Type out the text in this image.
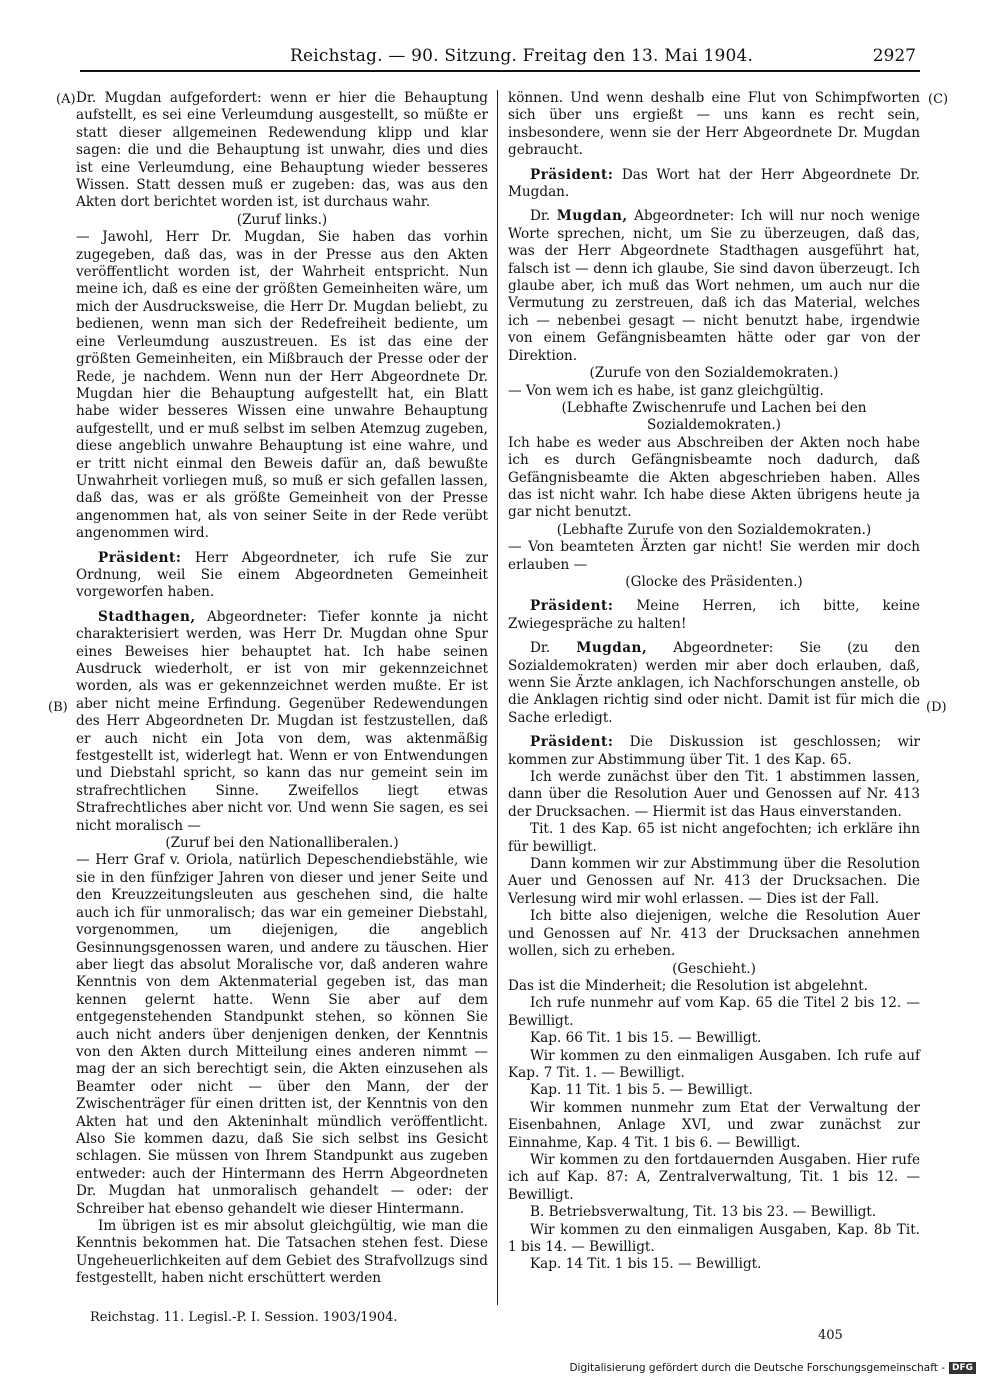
Reichstag. — 90. Sitzung. Freitag den 13. Mai 1904.	2927
(A)
(B)
(C)
(D)

Dr. Mugdan aufgefordert: wenn er hier die Behauptung aufstellt, es sei eine Verleumdung ausgestellt, so müßte er statt dieser allgemeinen Redewendung klipp und klar sagen: die und die Behauptung ist unwahr, dies und dies ist eine Verleumdung, eine Behauptung wieder besseres Wissen. Statt dessen muß er zugeben: das, was aus den Akten dort berichtet worden ist, ist durchaus wahr.

(Zuruf links.)

— Jawohl, Herr Dr. Mugdan, Sie haben das vorhin zugegeben, daß das, was in der Presse aus den Akten veröffentlicht worden ist, der Wahrheit entspricht. Nun meine ich, daß es eine der größten Gemeinheiten wäre, um mich der Ausdrucksweise, die Herr Dr. Mugdan beliebt, zu bedienen, wenn man sich der Redefreiheit bediente, um eine Verleumdung auszustreuen. Es ist das eine der größten Gemeinheiten, ein Mißbrauch der Presse oder der Rede, je nachdem. Wenn nun der Herr Abgeordnete Dr. Mugdan hier die Behauptung aufgestellt hat, ein Blatt habe wider besseres Wissen eine unwahre Behauptung aufgestellt, und er muß selbst im selben Atemzug zugeben, diese angeblich unwahre Behauptung ist eine wahre, und er tritt nicht einmal den Beweis dafür an, daß bewußte Unwahrheit vorliegen muß, so muß er sich gefallen lassen, daß das, was er als größte Gemeinheit von der Presse angenommen hat, als von seiner Seite in der Rede verübt angenommen wird.

Präsident: Herr Abgeordneter, ich rufe Sie zur Ordnung, weil Sie einem Abgeordneten Gemeinheit vorgeworfen haben.

Stadthagen, Abgeordneter: Tiefer konnte ja nicht charakterisiert werden, was Herr Dr. Mugdan ohne Spur eines Beweises hier behauptet hat. Ich habe seinen Ausdruck wiederholt, er ist von mir gekennzeichnet worden, als was er gekennzeichnet werden mußte. Er ist aber nicht meine Erfindung. Gegenüber Redewendungen des Herr Abgeordneten Dr. Mugdan ist festzustellen, daß er auch nicht ein Jota von dem, was aktenmäßig festgestellt ist, widerlegt hat. Wenn er von Entwendungen und Diebstahl spricht, so kann das nur gemeint sein im strafrechtlichen Sinne. Zweifellos liegt etwas Strafrechtliches aber nicht vor. Und wenn Sie sagen, es sei nicht moralisch —

(Zuruf bei den Nationalliberalen.)

— Herr Graf v. Oriola, natürlich Depeschendiebstähle, wie sie in den fünfziger Jahren von dieser und jener Seite und den Kreuzzeitungsleuten aus geschehen sind, die halte auch ich für unmoralisch; das war ein gemeiner Diebstahl, vorgenommen, um diejenigen, die angeblich Gesinnungsgenossen waren, und andere zu täuschen. Hier aber liegt das absolut Moralische vor, daß anderen wahre Kenntnis von dem Aktenmaterial gegeben ist, das man kennen gelernt hatte. Wenn Sie aber auf dem entgegenstehenden Standpunkt stehen, so können Sie auch nicht anders über denjenigen denken, der Kenntnis von den Akten durch Mitteilung eines anderen nimmt — mag der an sich berechtigt sein, die Akten einzusehen als Beamter oder nicht — über den Mann, der der Zwischenträger für einen dritten ist, der Kenntnis von den Akten hat und den Akteninhalt mündlich veröffentlicht. Also Sie kommen dazu, daß Sie sich selbst ins Gesicht schlagen. Sie müssen von Ihrem Standpunkt aus zugeben entweder: auch der Hintermann des Herrn Abgeordneten Dr. Mugdan hat unmoralisch gehandelt — oder: der Schreiber hat ebenso gehandelt wie dieser Hintermann.

Im übrigen ist es mir absolut gleichgültig, wie man die Kenntnis bekommen hat. Die Tatsachen stehen fest. Diese Ungeheuerlichkeiten auf dem Gebiet des Strafvollzugs sind festgestellt, haben nicht erschüttert werden

können. Und wenn deshalb eine Flut von Schimpfworten sich über uns ergießt — uns kann es recht sein, insbesondere, wenn sie der Herr Abgeordnete Dr. Mugdan gebraucht.

Präsident: Das Wort hat der Herr Abgeordnete Dr. Mugdan.

Dr. Mugdan, Abgeordneter: Ich will nur noch wenige Worte sprechen, nicht, um Sie zu überzeugen, daß das, was der Herr Abgeordnete Stadthagen ausgeführt hat, falsch ist — denn ich glaube, Sie sind davon überzeugt. Ich glaube aber, ich muß das Wort nehmen, um auch nur die Vermutung zu zerstreuen, daß ich das Material, welches ich — nebenbei gesagt — nicht benutzt habe, irgendwie von einem Gefängnisbeamten hätte oder gar von der Direktion.

(Zurufe von den Sozialdemokraten.)

— Von wem ich es habe, ist ganz gleichgültig.

(Lebhafte Zwischenrufe und Lachen bei den Sozialdemokraten.)

Ich habe es weder aus Abschreiben der Akten noch habe ich es durch Gefängnisbeamte noch dadurch, daß Gefängnisbeamte die Akten abgeschrieben haben. Alles das ist nicht wahr. Ich habe diese Akten übrigens heute ja gar nicht benutzt.

(Lebhafte Zurufe von den Sozialdemokraten.)

— Von beamteten Ärzten gar nicht! Sie werden mir doch erlauben —

(Glocke des Präsidenten.)

Präsident: Meine Herren, ich bitte, keine Zwiegespräche zu halten!

Dr. Mugdan, Abgeordneter: Sie (zu den Sozialdemokraten) werden mir aber doch erlauben, daß, wenn Sie Ärzte anklagen, ich Nachforschungen anstelle, ob die Anklagen richtig sind oder nicht. Damit ist für mich die Sache erledigt.

Präsident: Die Diskussion ist geschlossen; wir kommen zur Abstimmung über Tit. 1 des Kap. 65.

Ich werde zunächst über den Tit. 1 abstimmen lassen, dann über die Resolution Auer und Genossen auf Nr. 413 der Drucksachen. — Hiermit ist das Haus einverstanden.

Tit. 1 des Kap. 65 ist nicht angefochten; ich erkläre ihn für bewilligt.

Dann kommen wir zur Abstimmung über die Resolution Auer und Genossen auf Nr. 413 der Drucksachen. Die Verlesung wird mir wohl erlassen. — Dies ist der Fall.

Ich bitte also diejenigen, welche die Resolution Auer und Genossen auf Nr. 413 der Drucksachen annehmen wollen, sich zu erheben.

(Geschieht.)

Das ist die Minderheit; die Resolution ist abgelehnt.

Ich rufe nunmehr auf vom Kap. 65 die Titel 2 bis 12. — Bewilligt.

Kap. 66 Tit. 1 bis 15. — Bewilligt.

Wir kommen zu den einmaligen Ausgaben. Ich rufe auf Kap. 7 Tit. 1. — Bewilligt.

Kap. 11 Tit. 1 bis 5. — Bewilligt.

Wir kommen nunmehr zum Etat der Verwaltung der Eisenbahnen, Anlage XVI, und zwar zunächst zur Einnahme, Kap. 4 Tit. 1 bis 6. — Bewilligt.

Wir kommen zu den fortdauernden Ausgaben. Hier rufe ich auf Kap. 87: A, Zentralverwaltung, Tit. 1 bis 12. — Bewilligt.

B. Betriebsverwaltung, Tit. 13 bis 23. — Bewilligt.

Wir kommen zu den einmaligen Ausgaben, Kap. 8b Tit. 1 bis 14. — Bewilligt.

Kap. 14 Tit. 1 bis 15. — Bewilligt.

Reichstag. 11. Legisl.-P. I. Session. 1903/1904.
405
Digitalisierung gefördert durch die Deutsche Forschungsgemeinschaft - DFG
